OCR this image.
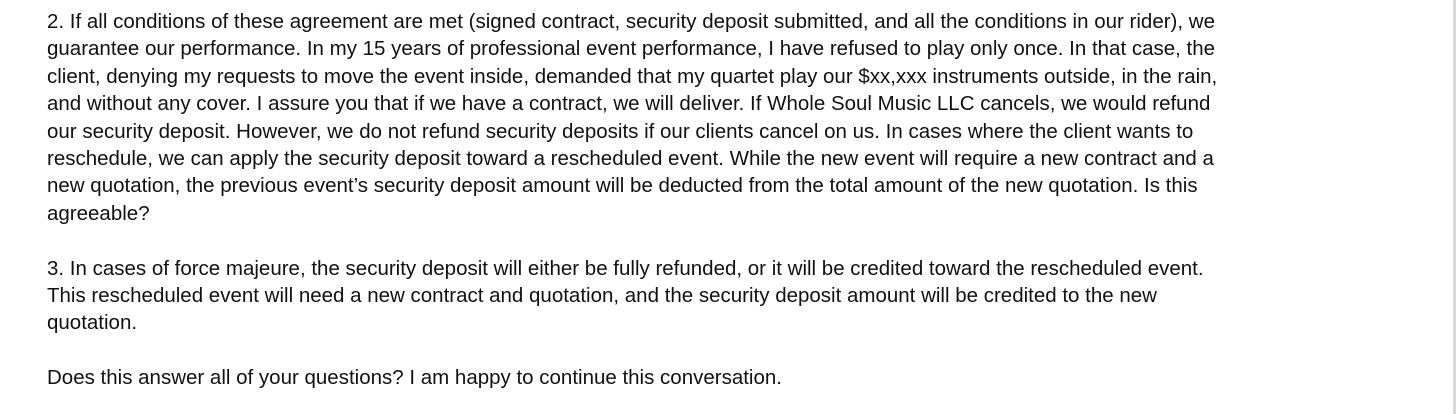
2. If all conditions of these agreement are met (signed contract, security deposit submitted, and all the conditions in our rider), we

guarantee our performance. In my 15 years of professional event performance, I have refused to play only once. In that case, the

client, denying my requests to move the event inside, demanded that my quartet play our $xx,xxx instruments outside, in the rain,

and without any cover. I assure you that if we have a contract, we will deliver. If Whole Soul Music LLC cancels, we would refund

our security deposit. However, we do not refund security deposits if our clients cancel on us. In cases where the client wants to

reschedule, we can apply the security deposit toward a rescheduled event. While the new event will require a new contract and a

new quotation, the previous event’s security deposit amount will be deducted from the total amount of the new quotation. Is this

agreeable?

3. In cases of force majeure, the security deposit will either be fully refunded, or it will be credited toward the rescheduled event.

This rescheduled event will need a new contract and quotation, and the security deposit amount will be credited to the new

quotation.

Does this answer all of your questions? I am happy to continue this conversation.
